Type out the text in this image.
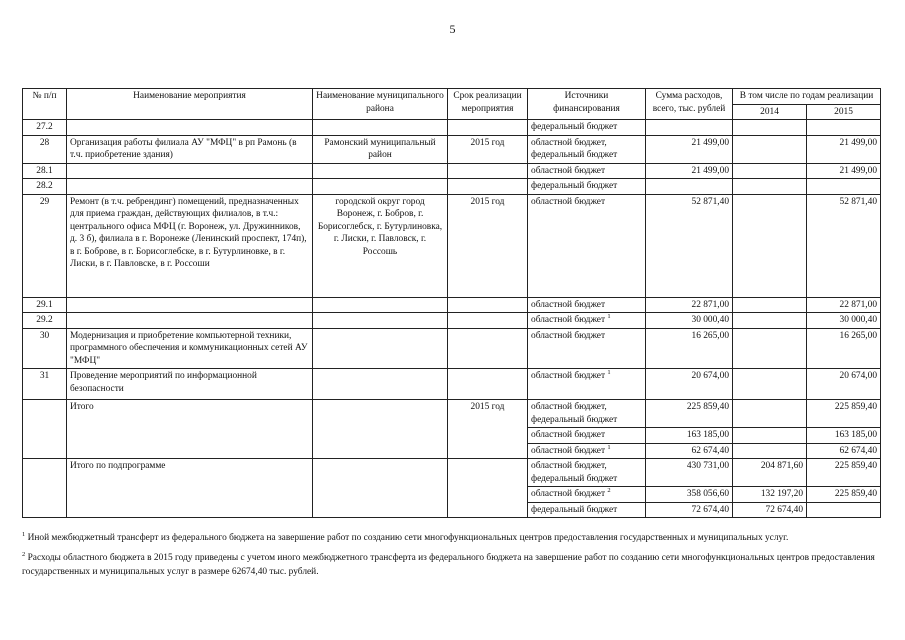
5
№ п/п	Наименование мероприятия	Наименование муниципального района	Срок реализации мероприятия	Источники финансирования	Сумма расходов, всего, тыс. рублей	В том числе по годам реализации	
						2014	2015
27.2				федеральный бюджет			
28	Организация работы филиала АУ "МФЦ" в рп Рамонь (в т.ч. приобретение здания)	Рамонский муниципальный район	2015 год	областной бюджет, федеральный бюджет	21 499,00		21 499,00
28.1				областной бюджет	21 499,00		21 499,00
28.2				федеральный бюджет			
29	Ремонт (в т.ч. ребрендинг) помещений, предназначенных для приема граждан, действующих филиалов, в т.ч.: центрального офиса МФЦ (г. Воронеж, ул. Дружинников, д. 3 б), филиала в г. Воронеже (Ленинский проспект, 174п), в г. Боброве, в г. Борисоглебске, в г. Бутурлиновке, в г. Лиски, в г. Павловске, в г. Россоши	городской округ город Воронеж, г. Бобров, г. Борисоглебск, г. Бутурлиновка, г. Лиски, г. Павловск, г. Россошь	2015 год	областной бюджет	52 871,40		52 871,40
29.1				областной бюджет	22 871,00		22 871,00
29.2				областной бюджет $^1$	30 000,40		30 000,40
30	Модернизация и приобретение компьютерной техники, программного обеспечения и коммуникационных сетей АУ "МФЦ"			областной бюджет	16 265,00		16 265,00
31	Проведение мероприятий по информационной безопасности			областной бюджет $^1$	20 674,00		20 674,00
	Итого		2015 год	областной бюджет, федеральный бюджет	225 859,40		225 859,40
				областной бюджет	163 185,00		163 185,00
				областной бюджет $^1$	62 674,40		62 674,40
	Итого по подпрограмме			областной бюджет, федеральный бюджет	430 731,00	204 871,60	225 859,40
				областной бюджет $^2$	358 056,60	132 197,20	225 859,40
				федеральный бюджет	72 674,40	72 674,40	

$^1$ Иной межбюджетный трансферт из федерального бюджета на завершение работ по созданию сети многофункциональных центров предоставления государственных и муниципальных услуг.

$^2$ Расходы областного бюджета в 2015 году приведены с учетом иного межбюджетного трансферта из федерального бюджета на завершение работ по созданию сети многофункциональных центров предоставления государственных и муниципальных услуг в размере 62674,40 тыс. рублей.
